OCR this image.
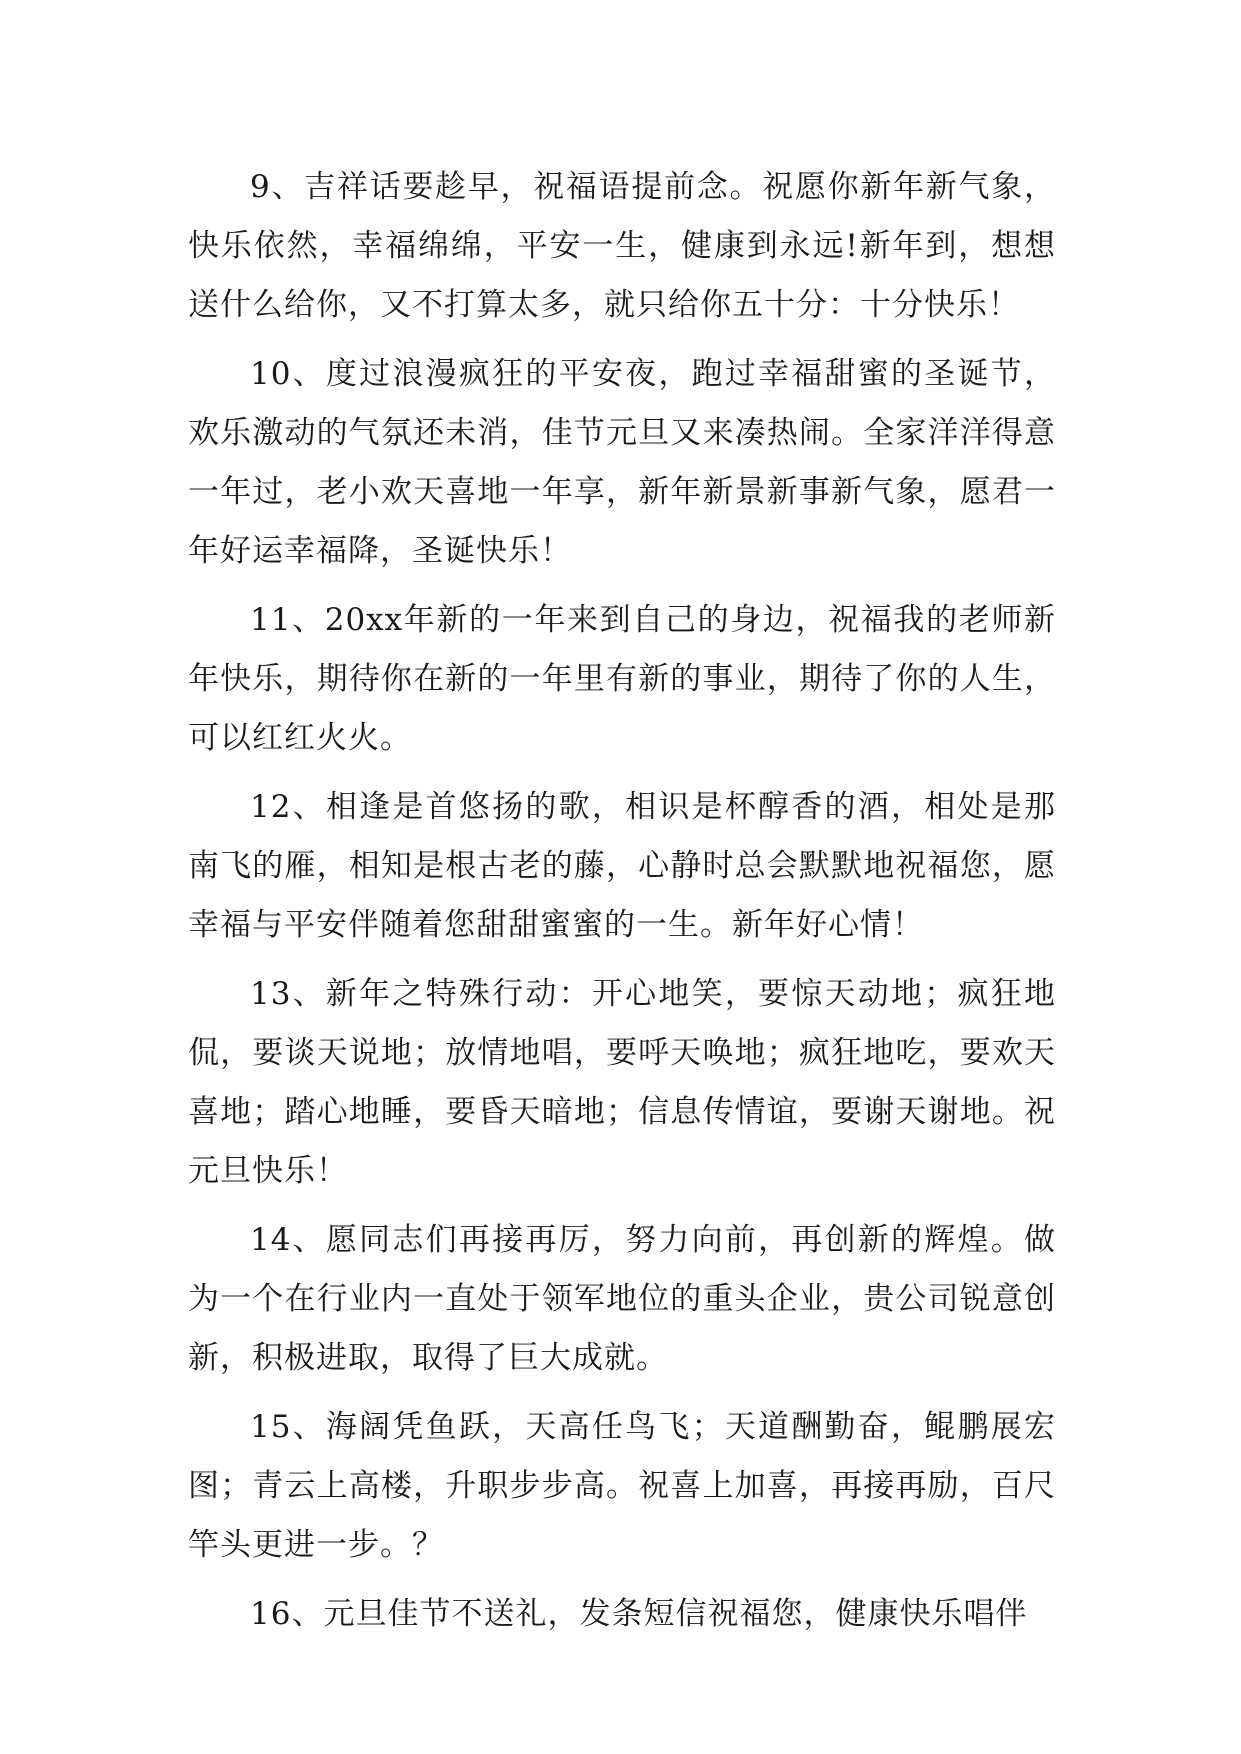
9、吉祥话要趁早，祝福语提前念。祝愿你新年新气象，快乐依然，幸福绵绵，平安一生，健康到永远!新年到，想想送什么给你，又不打算太多，就只给你五十分：十分快乐！

10、度过浪漫疯狂的平安夜，跑过幸福甜蜜的圣诞节，欢乐激动的气氛还未消，佳节元旦又来凑热闹。全家洋洋得意一年过，老小欢天喜地一年享，新年新景新事新气象，愿君一年好运幸福降，圣诞快乐！

11、20xx年新的一年来到自己的身边，祝福我的老师新年快乐，期待你在新的一年里有新的事业，期待了你的人生，可以红红火火。

12、相逢是首悠扬的歌，相识是杯醇香的酒，相处是那南飞的雁，相知是根古老的藤，心静时总会默默地祝福您，愿幸福与平安伴随着您甜甜蜜蜜的一生。新年好心情！

13、新年之特殊行动：开心地笑，要惊天动地；疯狂地侃，要谈天说地；放情地唱，要呼天唤地；疯狂地吃，要欢天喜地；踏心地睡，要昏天暗地；信息传情谊，要谢天谢地。祝元旦快乐！

14、愿同志们再接再厉，努力向前，再创新的辉煌。做为一个在行业内一直处于领军地位的重头企业，贵公司锐意创新，积极进取，取得了巨大成就。

15、海阔凭鱼跃，天高任鸟飞；天道酬勤奋，鲲鹏展宏图；青云上高楼，升职步步高。祝喜上加喜，再接再励，百尺竿头更进一步。？

16、元旦佳节不送礼，发条短信祝福您，健康快乐唱伴
